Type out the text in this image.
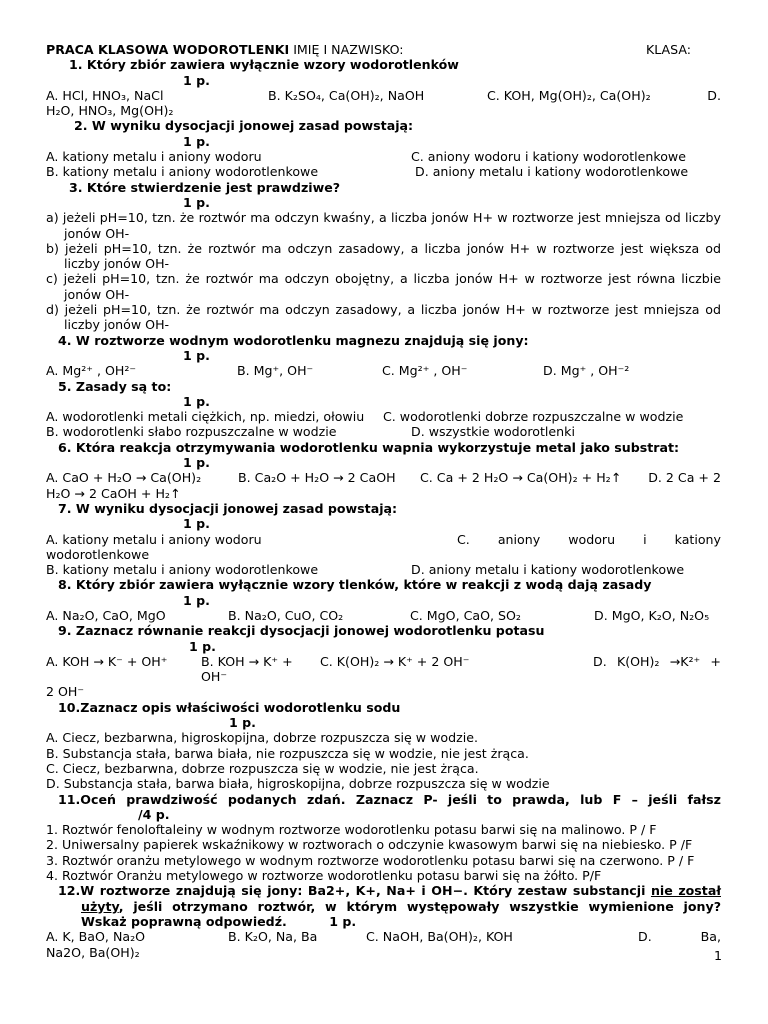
PRACA KLASOWA WODOROTLENKI IMIĘ I NAZWISKO:	KLASA:
1. Który zbiór zawiera wyłącznie wzory wodorotlenków
1 p.
A. HCl, HNO₃, NaCl	B. K₂SO₄, Ca(OH)₂, NaOH	C. KOH, Mg(OH)₂, Ca(OH)₂	D.
H₂O, HNO₃, Mg(OH)₂
2. W wyniku dysocjacji jonowej zasad powstają:
1 p.
A. kationy metalu i aniony wodoru	C. aniony wodoru i kationy wodorotlenkowe
B. kationy metalu i aniony wodorotlenkowe	D. aniony metalu i kationy wodorotlenkowe
3. Które stwierdzenie jest prawdziwe?
1 p.
a) jeżeli pH=10, tzn. że roztwór ma odczyn kwaśny, a liczba jonów H+ w roztworze jest mniejsza od liczby jonów OH-
b) jeżeli pH=10, tzn. że roztwór ma odczyn zasadowy, a liczba jonów H+ w roztworze jest większa od liczby jonów OH-
c) jeżeli pH=10, tzn. że roztwór ma odczyn obojętny, a liczba jonów H+ w roztworze jest równa liczbie jonów OH-
d) jeżeli pH=10, tzn. że roztwór ma odczyn zasadowy, a liczba jonów H+ w roztworze jest mniejsza od liczby jonów OH-
4. W roztworze wodnym wodorotlenku magnezu znajdują się jony:
1 p.
A. Mg²⁺ , OH²⁻	B. Mg⁺, OH⁻	C. Mg²⁺ , OH⁻	D. Mg⁺ , OH⁻²
5. Zasady są to:
1 p.
A. wodorotlenki metali ciężkich, np. miedzi, ołowiu	C. wodorotlenki dobrze rozpuszczalne w wodzie
B. wodorotlenki słabo rozpuszczalne w wodzie	D. wszystkie wodorotlenki
6. Która reakcja otrzymywania wodorotlenku wapnia wykorzystuje metal jako substrat:
1 p.
A. CaO + H₂O → Ca(OH)₂	B. Ca₂O + H₂O → 2 CaOH	C. Ca + 2 H₂O → Ca(OH)₂ + H₂↑	D. 2 Ca + 2
H₂O → 2 CaOH + H₂↑
7. W wyniku dysocjacji jonowej zasad powstają:
1 p.
A. kationy metalu i aniony wodoru	C. aniony wodoru i kationy
wodorotlenkowe
B. kationy metalu i aniony wodorotlenkowe	D. aniony metalu i kationy wodorotlenkowe
8. Który zbiór zawiera wyłącznie wzory tlenków, które w reakcji z wodą dają zasady
1 p.
A. Na₂O, CaO, MgO	B. Na₂O, CuO, CO₂	C. MgO, CaO, SO₂	D. MgO, K₂O, N₂O₅
9. Zaznacz równanie reakcji dysocjacji jonowej wodorotlenku potasu
1 p.
A. KOH → K⁻ + OH⁺	B. KOH → K⁺ + OH⁻
C. K(OH)₂ → K⁺ + 2 OH⁻	D. K(OH)₂ →K²⁺ +
2 OH⁻
10.Zaznacz opis właściwości wodorotlenku sodu
1 p.
A. Ciecz, bezbarwna, higroskopijna, dobrze rozpuszcza się w wodzie.
B. Substancja stała, barwa biała, nie rozpuszcza się w wodzie, nie jest żrąca.
C. Ciecz, bezbarwna, dobrze rozpuszcza się w wodzie, nie jest żrąca.
D. Substancja stała, barwa biała, higroskopijna, dobrze rozpuszcza się w wodzie
11.Oceń prawdziwość podanych zdań. Zaznacz P- jeśli to prawda, lub F – jeśli fałsz
/4 p.
1. Roztwór fenoloftaleiny w wodnym roztworze wodorotlenku potasu barwi się na malinowo. P / F
2. Uniwersalny papierek wskaźnikowy w roztworach o odczynie kwasowym barwi się na niebiesko. P /F
3. Roztwór oranżu metylowego w wodnym roztworze wodorotlenku potasu barwi się na czerwono. P / F
4. Roztwór Oranżu metylowego w roztworze wodorotlenku potasu barwi się na żółto. P/F
12.W roztworze znajdują się jony: Ba2+, K+, Na+ i OH−. Który zestaw substancji nie został użyty, jeśli otrzymano roztwór, w którym występowały wszystkie wymienione jony? Wskaż poprawną odpowiedź.	1 p.
A. K, BaO, Na₂O	B. K₂O, Na, Ba	C. NaOH, Ba(OH)₂, KOH	D.	Ba,
Na2O, Ba(OH)₂	1
